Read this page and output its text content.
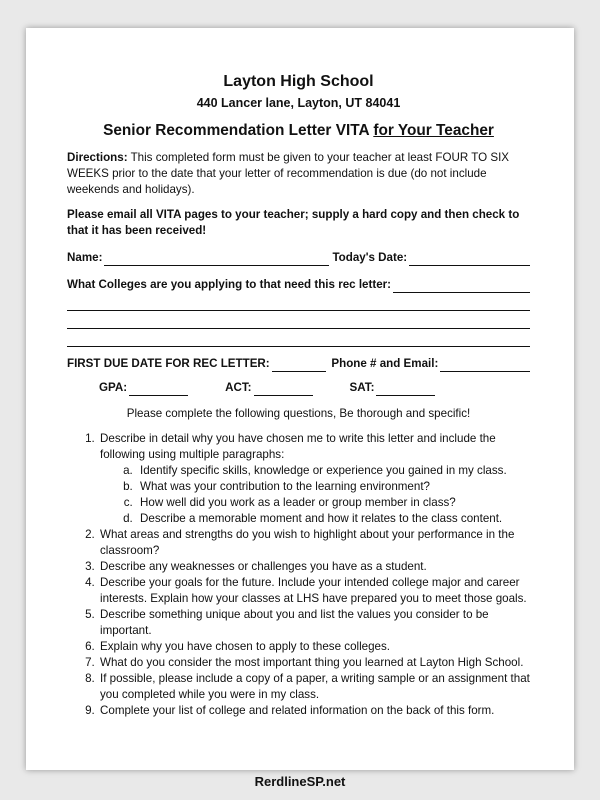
Layton High School

440 Lancer lane, Layton, UT 84041

Senior Recommendation Letter VITA for Your Teacher

Directions: This completed form must be given to your teacher at least FOUR TO SIX WEEKS prior to the date that your letter of recommendation is due (do not include weekends and holidays).

Please email all VITA pages to your teacher; supply a hard copy and then check to that it has been received!

Name:	Today's Date:
What Colleges are you applying to that need this rec letter:
FIRST DUE DATE FOR REC LETTER:	Phone # and Email:
GPA:	ACT:	SAT:

Please complete the following questions, Be thorough and specific!

1. Describe in detail why you have chosen me to write this letter and include the following using multiple paragraphs:
a. Identify specific skills, knowledge or experience you gained in my class.
b. What was your contribution to the learning environment?
c. How well did you work as a leader or group member in class?
d. Describe a memorable moment and how it relates to the class content.
2. What areas and strengths do you wish to highlight about your performance in the classroom?
3. Describe any weaknesses or challenges you have as a student.
4. Describe your goals for the future. Include your intended college major and career interests. Explain how your classes at LHS have prepared you to meet those goals.
5. Describe something unique about you and list the values you consider to be important.
6. Explain why you have chosen to apply to these colleges.
7. What do you consider the most important thing you learned at Layton High School.
8. If possible, please include a copy of a paper, a writing sample or an assignment that you completed while you were in my class.
9. Complete your list of college and related information on the back of this form.
RerdlineSP.net
